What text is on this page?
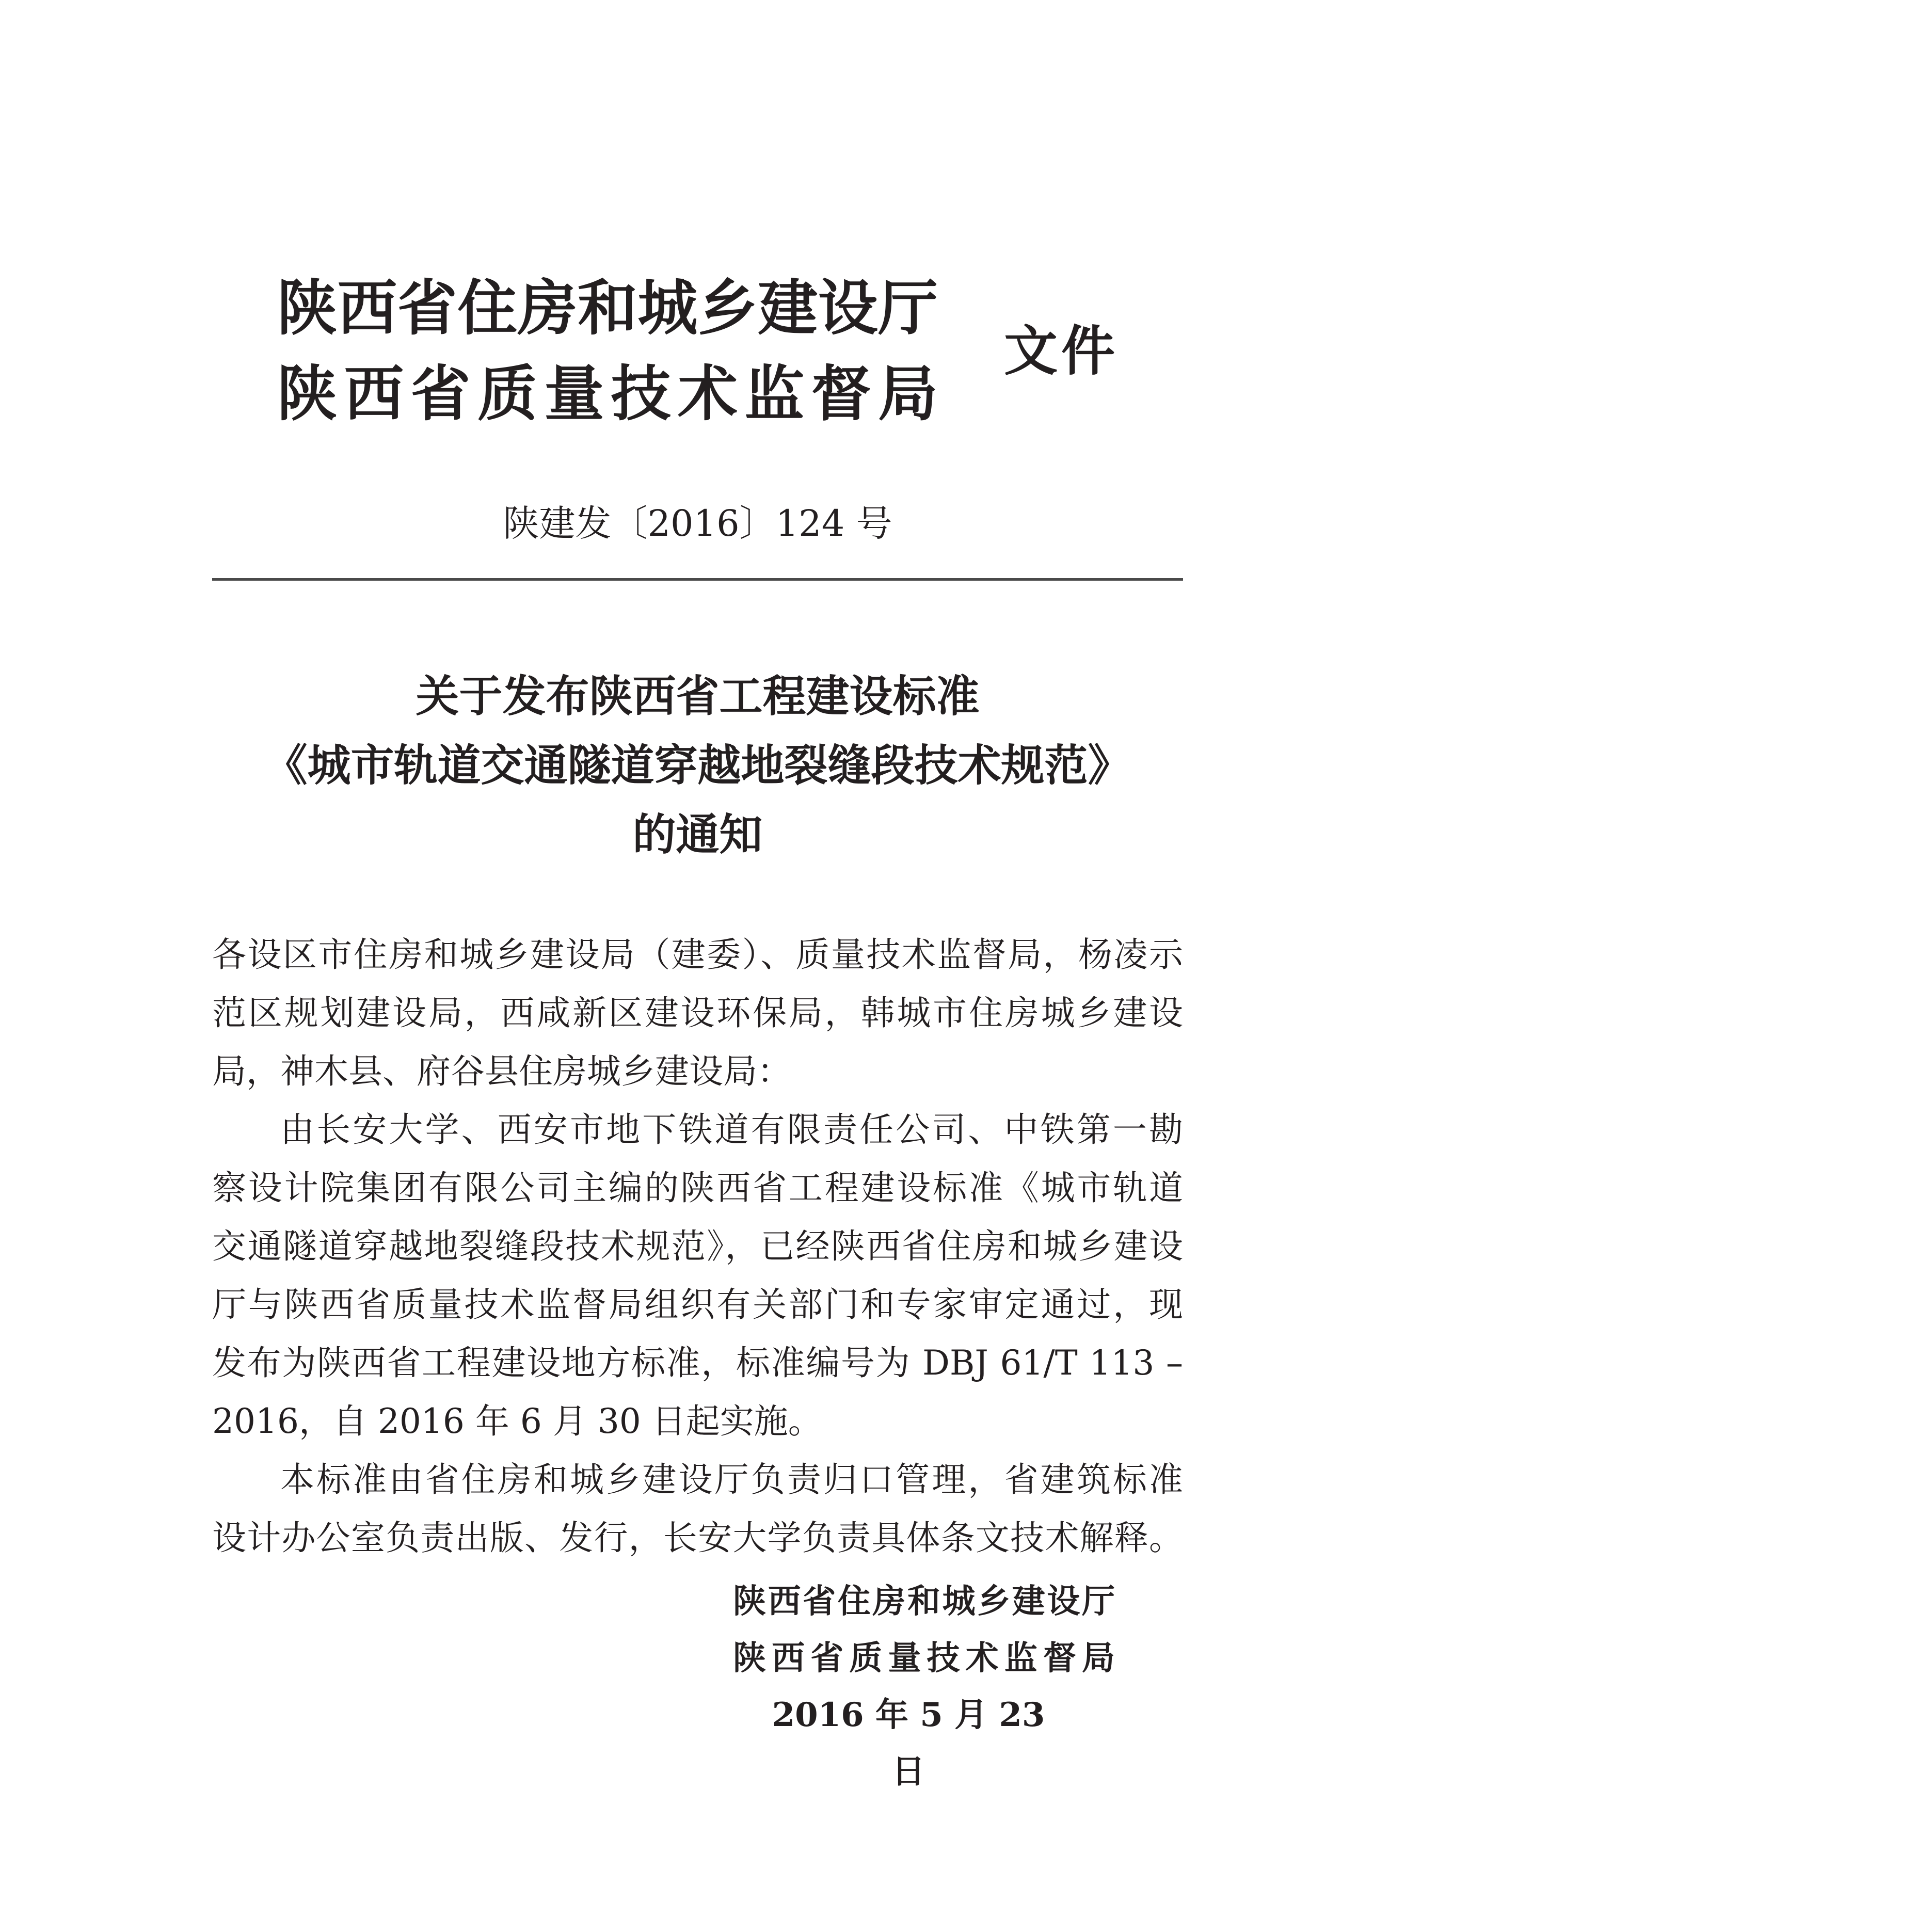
陕西省住房和城乡建设厅
陕西省质量技术监督局
文件
陕建发〔2016〕124 号
关于发布陕西省工程建设标准
《城市轨道交通隧道穿越地裂缝段技术规范》
的通知
各设区市住房和城乡建设局（建委）、质量技术监督局，杨凌示
范区规划建设局，西咸新区建设环保局，韩城市住房城乡建设
局，神木县、府谷县住房城乡建设局：
由长安大学、西安市地下铁道有限责任公司、中铁第一勘
察设计院集团有限公司主编的陕西省工程建设标准《城市轨道
交通隧道穿越地裂缝段技术规范》，已经陕西省住房和城乡建设
厅与陕西省质量技术监督局组织有关部门和专家审定通过，现
发布为陕西省工程建设地方标准，标准编号为 DBJ 61/T 113 –
2016，自 2016 年 6 月 30 日起实施。
本标准由省住房和城乡建设厅负责归口管理，省建筑标准
设计办公室负责出版、发行，长安大学负责具体条文技术解释。
陕西省住房和城乡建设厅
陕西省质量技术监督局
2016 年 5 月 23 日
